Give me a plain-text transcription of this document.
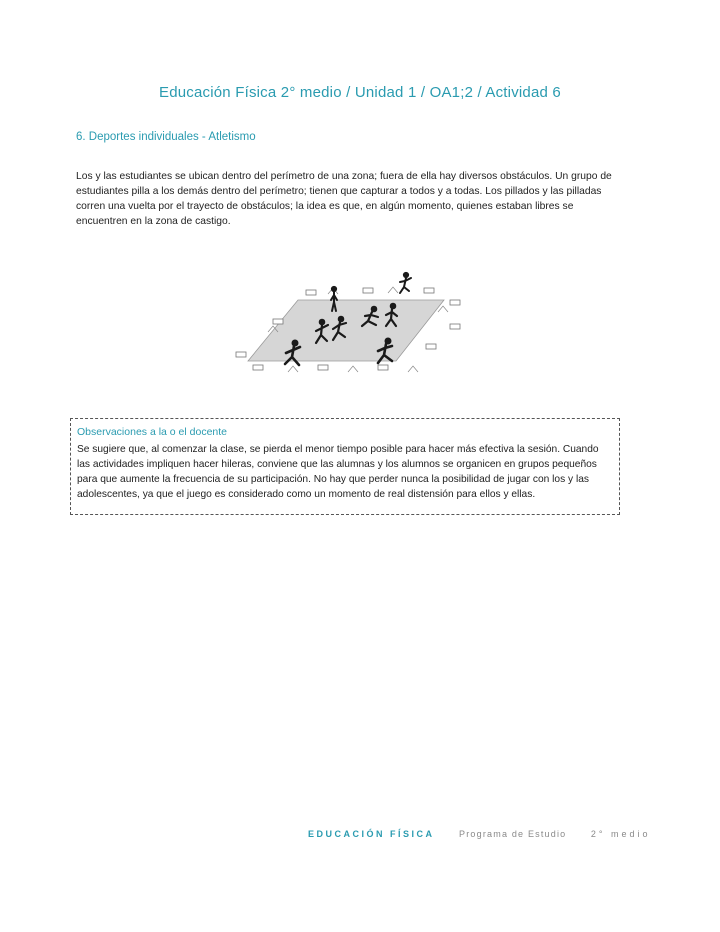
Educación Física 2° medio / Unidad 1 / OA1;2 / Actividad 6
6. Deportes individuales - Atletismo
Los y las estudiantes se ubican dentro del perímetro de una zona; fuera de ella hay diversos obstáculos. Un grupo de estudiantes pilla a los demás dentro del perímetro; tienen que capturar a todos y a todas. Los pillados y las pilladas corren una vuelta por el trayecto de obstáculos; la idea es que, en algún momento, quienes estaban libres se encuentren en la zona de castigo.
Observaciones a la o el docente
Se sugiere que, al comenzar la clase, se pierda el menor tiempo posible para hacer más efectiva la sesión. Cuando las actividades impliquen hacer hileras, conviene que las alumnas y los alumnos se organicen en grupos pequeños para que aumente la frecuencia de su participación. No hay que perder nunca la posibilidad de jugar con los y las adolescentes, ya que el juego es considerado como un momento de real distensión para ellos y ellas.
EDUCACIÓN FÍSICA	Programa de Estudio	2° medio
